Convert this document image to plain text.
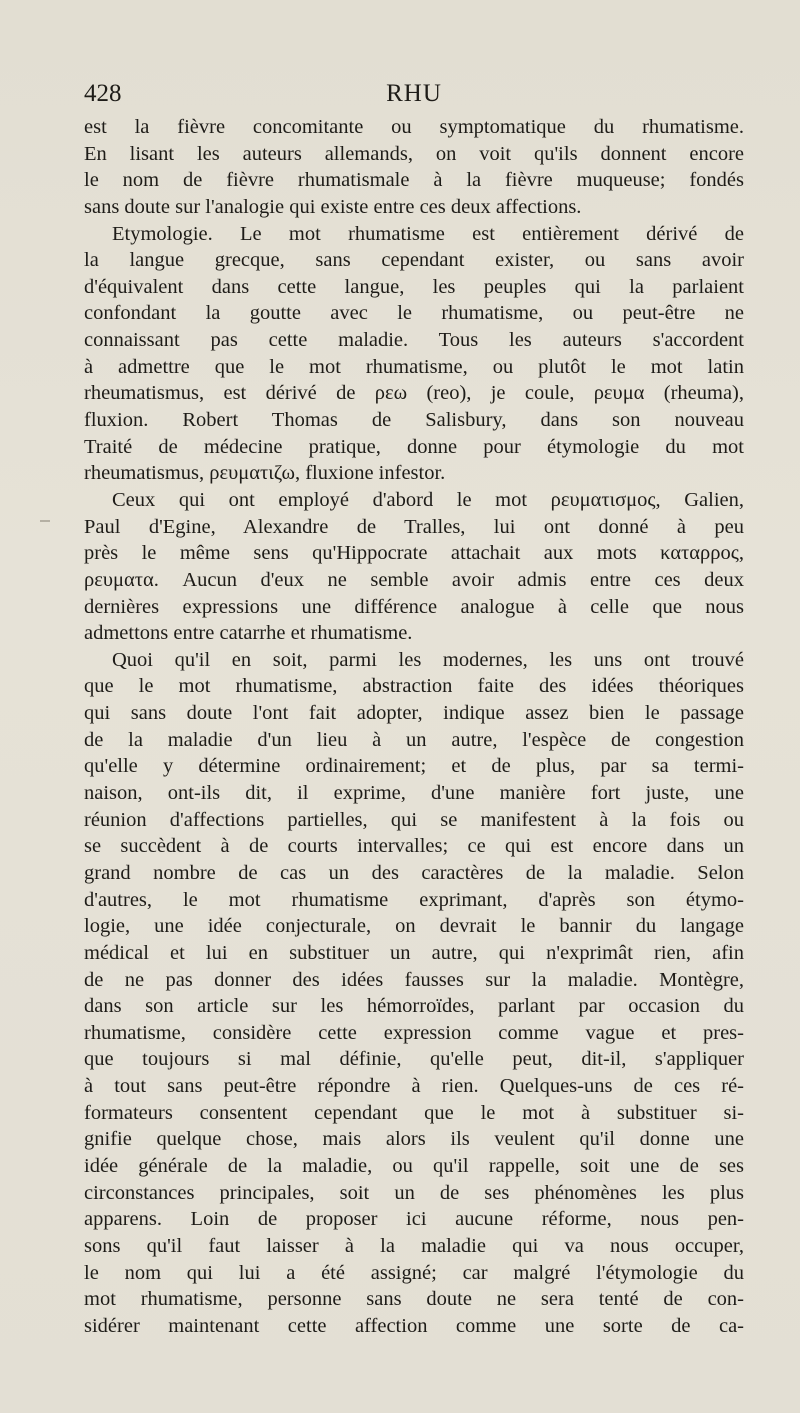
428	RHU
est la fièvre concomitante ou symptomatique du rhumatisme.
En lisant les auteurs allemands, on voit qu'ils donnent encore
le nom de fièvre rhumatismale à la fièvre muqueuse; fondés
sans doute sur l'analogie qui existe entre ces deux affections.
Etymologie. Le mot rhumatisme est entièrement dérivé de
la langue grecque, sans cependant exister, ou sans avoir
d'équivalent dans cette langue, les peuples qui la parlaient
confondant la goutte avec le rhumatisme, ou peut-être ne
connaissant pas cette maladie. Tous les auteurs s'accordent
à admettre que le mot rhumatisme, ou plutôt le mot latin
rheumatismus, est dérivé de ρεω (reo), je coule, ρευμα (rheuma),
fluxion. Robert Thomas de Salisbury, dans son nouveau
Traité de médecine pratique, donne pour étymologie du mot
rheumatismus, ρευματιζω, fluxione infestor.
Ceux qui ont employé d'abord le mot ρευματισμος, Galien,
Paul d'Egine, Alexandre de Tralles, lui ont donné à peu
près le même sens qu'Hippocrate attachait aux mots καταρρος,
ρευματα. Aucun d'eux ne semble avoir admis entre ces deux
dernières expressions une différence analogue à celle que nous
admettons entre catarrhe et rhumatisme.
Quoi qu'il en soit, parmi les modernes, les uns ont trouvé
que le mot rhumatisme, abstraction faite des idées théoriques
qui sans doute l'ont fait adopter, indique assez bien le passage
de la maladie d'un lieu à un autre, l'espèce de congestion
qu'elle y détermine ordinairement; et de plus, par sa termi-
naison, ont-ils dit, il exprime, d'une manière fort juste, une
réunion d'affections partielles, qui se manifestent à la fois ou
se succèdent à de courts intervalles; ce qui est encore dans un
grand nombre de cas un des caractères de la maladie. Selon
d'autres, le mot rhumatisme exprimant, d'après son étymo-
logie, une idée conjecturale, on devrait le bannir du langage
médical et lui en substituer un autre, qui n'exprimât rien, afin
de ne pas donner des idées fausses sur la maladie. Montègre,
dans son article sur les hémorroïdes, parlant par occasion du
rhumatisme, considère cette expression comme vague et pres-
que toujours si mal définie, qu'elle peut, dit-il, s'appliquer
à tout sans peut-être répondre à rien. Quelques-uns de ces ré-
formateurs consentent cependant que le mot à substituer si-
gnifie quelque chose, mais alors ils veulent qu'il donne une
idée générale de la maladie, ou qu'il rappelle, soit une de ses
circonstances principales, soit un de ses phénomènes les plus
apparens. Loin de proposer ici aucune réforme, nous pen-
sons qu'il faut laisser à la maladie qui va nous occuper,
le nom qui lui a été assigné; car malgré l'étymologie du
mot rhumatisme, personne sans doute ne sera tenté de con-
sidérer maintenant cette affection comme une sorte de ca-
